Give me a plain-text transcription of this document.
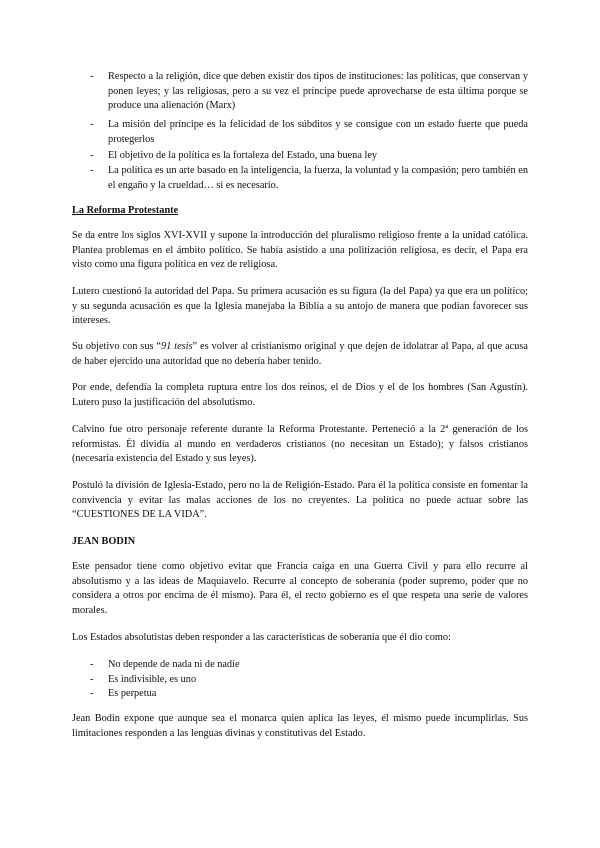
-	Respecto a la religión, dice que deben existir dos tipos de instituciones: las políticas, que conservan y ponen leyes; y las religiosas, pero a su vez el príncipe puede aprovecharse de esta última porque se produce una alienación (Marx)
-	La misión del príncipe es la felicidad de los súbditos y se consigue con un estado fuerte que pueda protegerlos
-	El objetivo de la política es la fortaleza del Estado, una buena ley
-	La política es un arte basado en la inteligencia, la fuerza, la voluntad y la compasión; pero también en el engaño y la crueldad… si es necesario.
La Reforma Protestante
Se da entre los siglos XVI-XVII y supone la introducción del pluralismo religioso frente a la unidad católica. Plantea problemas en el ámbito político. Se había asistido a una politización religiosa, es decir, el Papa era visto como una figura política en vez de religiosa.
Lutero cuestionó la autoridad del Papa. Su primera acusación es su figura (la del Papa) ya que era un político; y su segunda acusación es que la Iglesia manejaba la Biblia a su antojo de manera que podían favorecer sus intereses.
Su objetivo con sus “91 tesis” es volver al cristianismo original y que dejen de idolatrar al Papa, al que acusa de haber ejercido una autoridad que no debería haber tenido.
Por ende, defendía la completa ruptura entre los dos reinos, el de Dios y el de los hombres (San Agustín). Lutero puso la justificación del absolutismo.
Calvino fue otro personaje referente durante la Reforma Protestante. Perteneció a la 2ª generación de los reformistas. Él dividía al mundo en verdaderos cristianos (no necesitan un Estado); y falsos cristianos (necesaria existencia del Estado y sus leyes).
Postuló la división de Iglesia-Estado, pero no la de Religión-Estado. Para él la política consiste en fomentar la convivencia y evitar las malas acciones de los no creyentes. La política no puede actuar sobre las “CUESTIONES DE LA VIDA”.
JEAN BODIN
Este pensador tiene como objetivo evitar que Francia caiga en una Guerra Civil y para ello recurre al absolutismo y a las ideas de Maquiavelo. Recurre al concepto de soberanía (poder supremo, poder que no considera a otros por encima de él mismo). Para él, el recto gobierno es el que respeta una serie de valores morales.
Los Estados absolutistas deben responder a las características de soberanía que él dio como:
-	No depende de nada ni de nadie
-	Es indivisible, es uno
-	Es perpetua
Jean Bodin expone que aunque sea el monarca quien aplica las leyes, él mismo puede incumplirlas. Sus limitaciones responden a las lenguas divinas y constitutivas del Estado.
